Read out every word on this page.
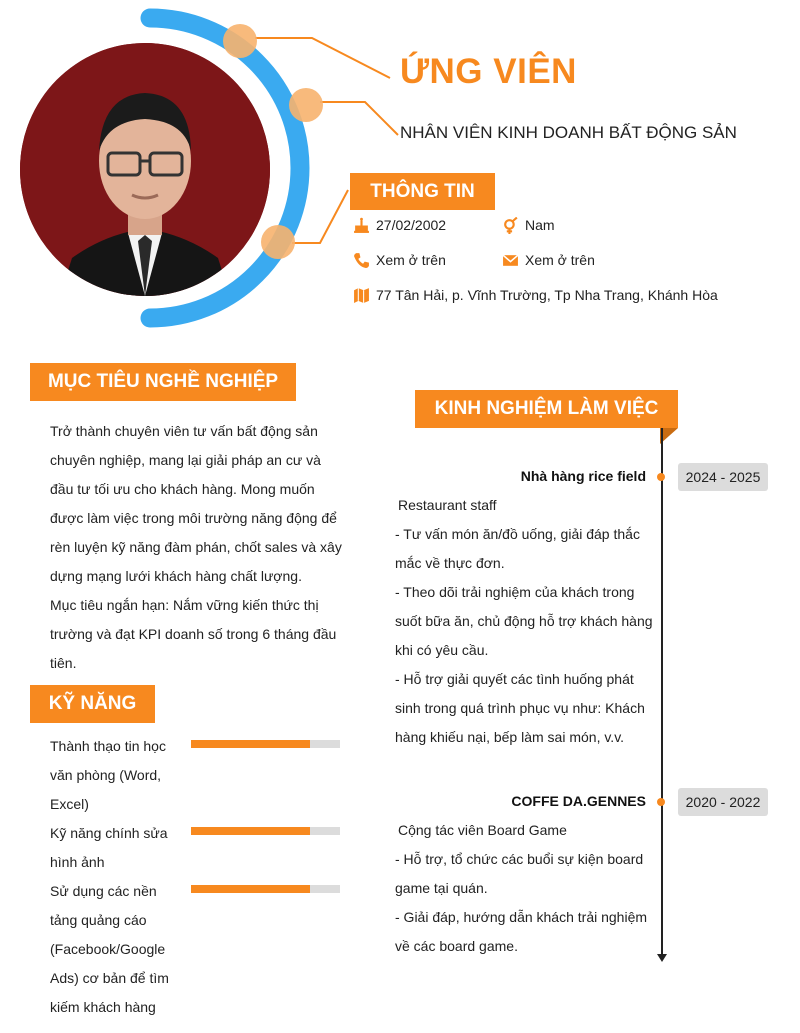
ỨNG VIÊN
NHÂN VIÊN KINH DOANH BẤT ĐỘNG SẢN
THÔNG TIN
27/02/2002	Nam
Xem ở trên	Xem ở trên
77 Tân Hải, p. Vĩnh Trường, Tp Nha Trang, Khánh Hòa
MỤC TIÊU NGHỀ NGHIỆP
Trở thành chuyên viên tư vấn bất động sản
chuyên nghiệp, mang lại giải pháp an cư và
đầu tư tối ưu cho khách hàng. Mong muốn
được làm việc trong môi trường năng động để
rèn luyện kỹ năng đàm phán, chốt sales và xây
dựng mạng lưới khách hàng chất lượng.
Mục tiêu ngắn hạn: Nắm vững kiến thức thị
trường và đạt KPI doanh số trong 6 tháng đầu
tiên.
KỸ NĂNG
Thành thạo tin học
văn phòng (Word,
Excel)
Kỹ năng chính sửa
hình ảnh
Sử dụng các nền
tảng quảng cáo
(Facebook/Google
Ads) cơ bản để tìm
kiếm khách hàng
KINH NGHIỆM LÀM VIỆC
Nhà hàng rice field	2024 - 2025
Restaurant staff
- Tư vấn món ăn/đồ uống, giải đáp thắc
mắc về thực đơn.
- Theo dõi trải nghiệm của khách trong
suốt bữa ăn, chủ động hỗ trợ khách hàng
khi có yêu cầu.
- Hỗ trợ giải quyết các tình huống phát
sinh trong quá trình phục vụ như: Khách
hàng khiếu nại, bếp làm sai món, v.v.
COFFE DA.GENNES	2020 - 2022
Cộng tác viên Board Game
- Hỗ trợ, tổ chức các buổi sự kiện board
game tại quán.
- Giải đáp, hướng dẫn khách trải nghiệm
về các board game.
